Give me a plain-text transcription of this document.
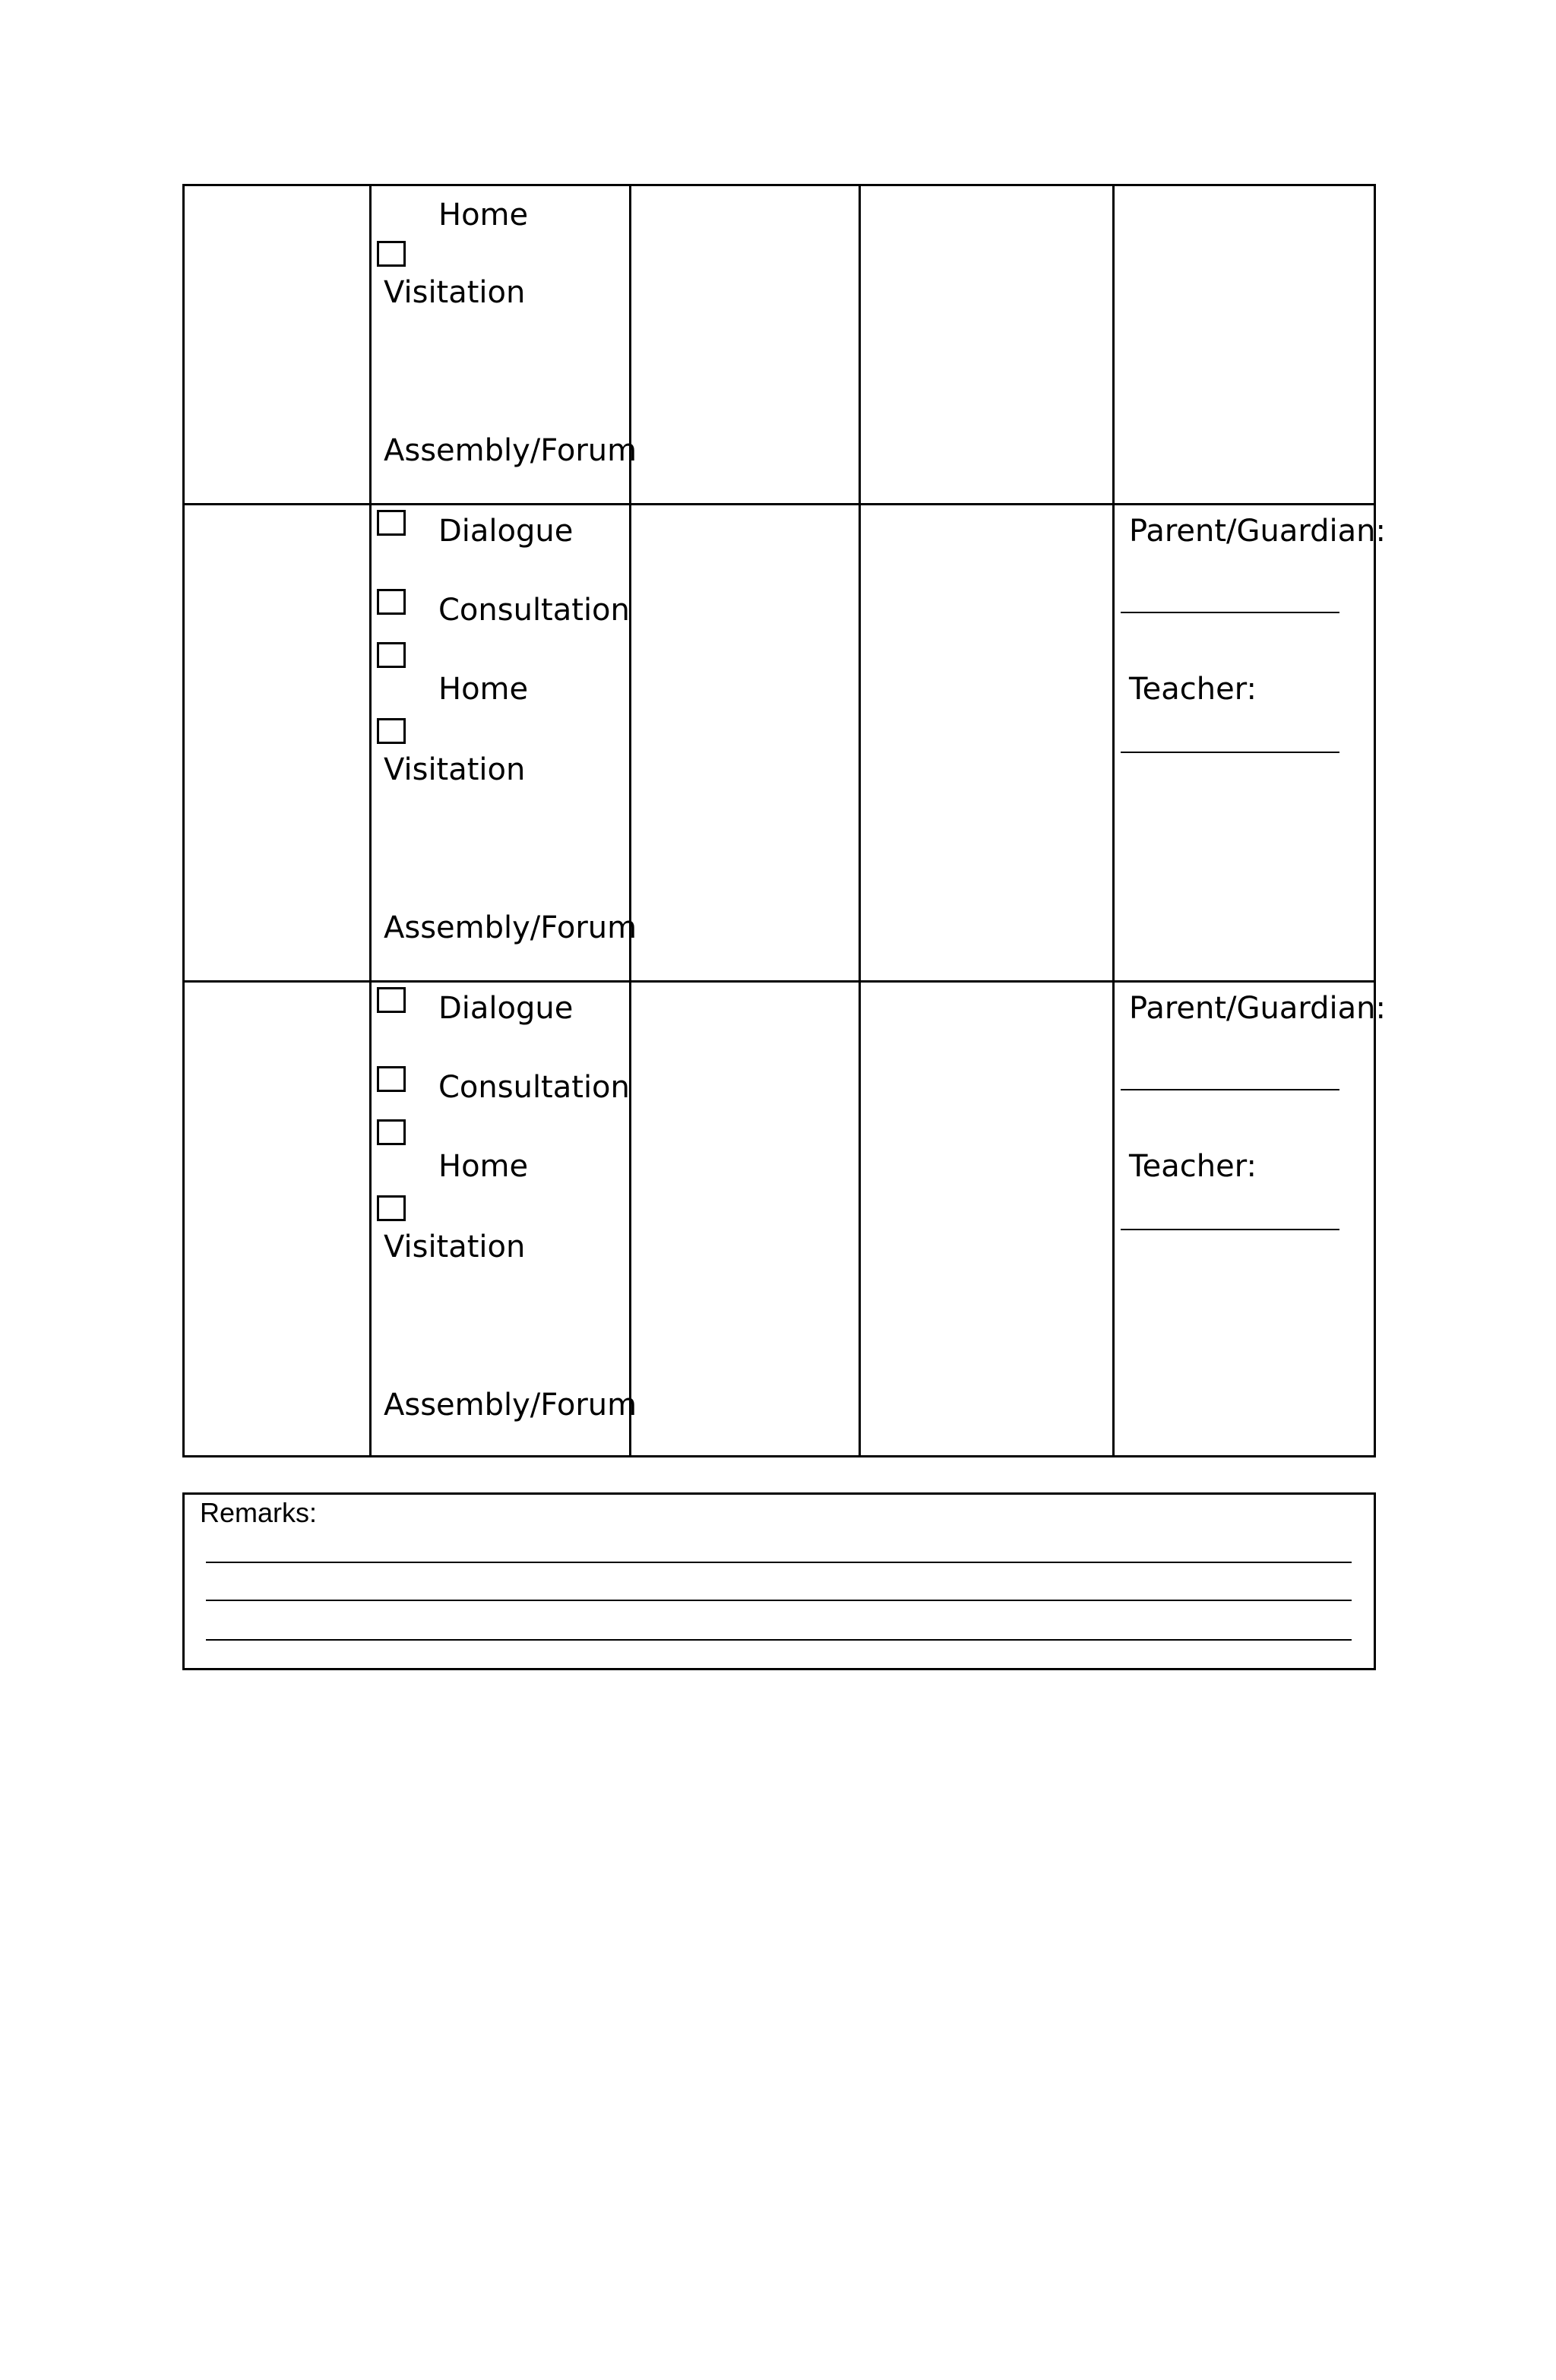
Home
Visitation
Assembly/Forum
Dialogue
Consultation
Home
Visitation
Assembly/Forum
Parent/Guardian:
Teacher:
Dialogue
Consultation
Home
Visitation
Assembly/Forum
Parent/Guardian:
Teacher:
Remarks:
